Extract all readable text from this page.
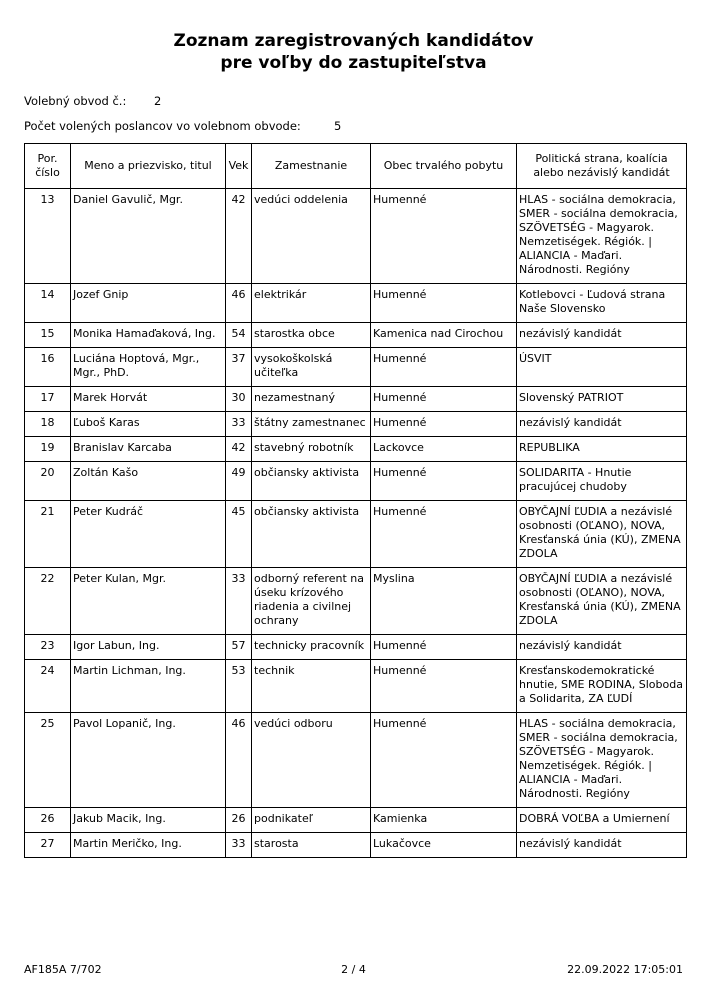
Zoznam zaregistrovaných kandidátov
pre voľby do zastupiteľstva
Volebný obvod č.: 2
Počet volených poslancov vo volebnom obvode:	5
Por. číslo	Meno a priezvisko, titul	Vek	Zamestnanie	Obec trvalého pobytu	Politická strana, koalícia alebo nezávislý kandidát
13	Daniel Gavulič, Mgr.	42	vedúci oddelenia	Humenné	HLAS - sociálna demokracia, SMER - sociálna demokracia, SZÖVETSÉG - Magyarok. Nemzetiségek. Régiók. | ALIANCIA - Maďari. Národnosti. Regióny
14	Jozef Gnip	46	elektrikár	Humenné	Kotlebovci - Ľudová strana Naše Slovensko
15	Monika Hamaďaková, Ing.	54	starostka obce	Kamenica nad Cirochou	nezávislý kandidát
16	Luciána Hoptová, Mgr., Mgr., PhD.	37	vysokoškolská učiteľka	Humenné	ÚSVIT
17	Marek Horvát	30	nezamestnaný	Humenné	Slovenský PATRIOT
18	Ľuboš Karas	33	štátny zamestnanec	Humenné	nezávislý kandidát
19	Branislav Karcaba	42	stavebný robotník	Lackovce	REPUBLIKA
20	Zoltán Kašo	49	občiansky aktivista	Humenné	SOLIDARITA - Hnutie pracujúcej chudoby
21	Peter Kudráč	45	občiansky aktivista	Humenné	OBYČAJNÍ ĽUDIA a nezávislé osobnosti (OĽANO), NOVA, Kresťanská únia (KÚ), ZMENA ZDOLA
22	Peter Kulan, Mgr.	33	odborný referent na úseku krízového riadenia a civilnej ochrany	Myslina	OBYČAJNÍ ĽUDIA a nezávislé osobnosti (OĽANO), NOVA, Kresťanská únia (KÚ), ZMENA ZDOLA
23	Igor Labun, Ing.	57	technicky pracovník	Humenné	nezávislý kandidát
24	Martin Lichman, Ing.	53	technik	Humenné	Kresťanskodemokratické hnutie, SME RODINA, Sloboda a Solidarita, ZA ĽUDÍ
25	Pavol Lopanič, Ing.	46	vedúci odboru	Humenné	HLAS - sociálna demokracia, SMER - sociálna demokracia, SZÖVETSÉG - Magyarok. Nemzetiségek. Régiók. | ALIANCIA - Maďari. Národnosti. Regióny
26	Jakub Macik, Ing.	26	podnikateľ	Kamienka	DOBRÁ VOĽBA a Umiernení
27	Martin Meričko, Ing.	33	starosta	Lukačovce	nezávislý kandidát
AF185A 7/702	2 / 4	22.09.2022 17:05:01
